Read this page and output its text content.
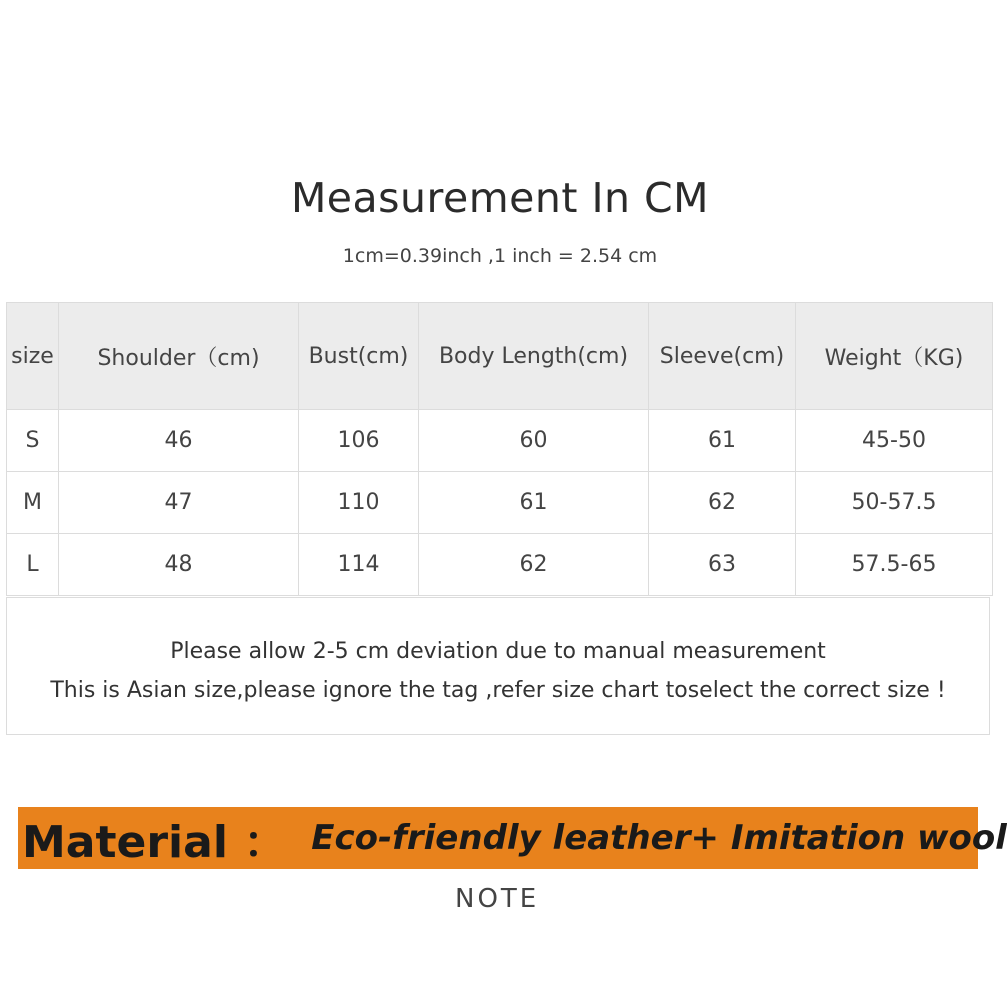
Measurement In CM
1cm=0.39inch ,1 inch = 2.54 cm
size	Shoulder（cm)	Bust(cm)	Body Length(cm)	Sleeve(cm)	Weight（KG)
S	46	106	60	61	45-50
M	47	110	61	62	50-57.5
L	48	114	62	63	57.5-65
Please allow 2-5 cm deviation due to manual measurement
This is Asian size,please ignore the tag ,refer size chart toselect the correct size !
Material ： Eco-friendly leather+ Imitation wool
NOTE
